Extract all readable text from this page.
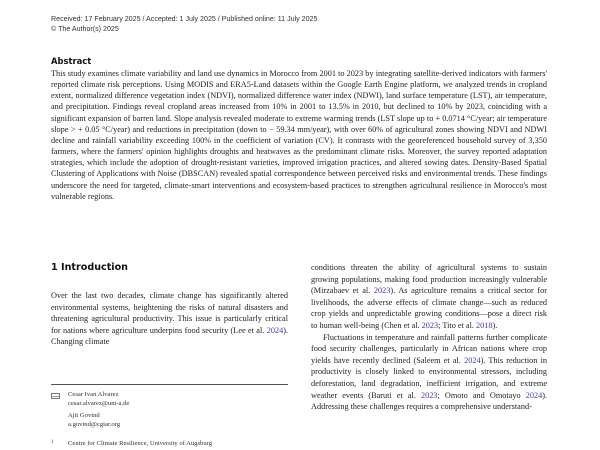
Received: 17 February 2025 / Accepted: 1 July 2025 / Published online: 11 July 2025
© The Author(s) 2025
Abstract
This study examines climate variability and land use dynamics in Morocco from 2001 to 2023 by integrating satellite-derived indicators with farmers' reported climate risk perceptions. Using MODIS and ERA5-Land datasets within the Google Earth Engine platform, we analyzed trends in cropland extent, normalized difference vegetation index (NDVI), normalized difference water index (NDWI), land surface temperature (LST), air temperature, and precipitation. Findings reveal cropland areas increased from 10% in 2001 to 13.5% in 2010, but declined to 10% by 2023, coinciding with a significant expansion of barren land. Slope analysis revealed moderate to extreme warming trends (LST slope up to + 0.0714 °C/year; air temperature slope > + 0.05 °C/year) and reductions in precipitation (down to − 59.34 mm/year), with over 60% of agricultural zones showing NDVI and NDWI decline and rainfall variability exceeding 100% in the coefficient of variation (CV). It contrasts with the georeferenced household survey of 3,350 farmers, where the farmers' opinion highlights droughts and heatwaves as the predominant climate risks. Moreover, the survey reported adaptation strategies, which include the adoption of drought-resistant varieties, improved irrigation practices, and altered sowing dates. Density-Based Spatial Clustering of Applications with Noise (DBSCAN) revealed spatial correspondence between perceived risks and environmental trends. These findings underscore the need for targeted, climate-smart interventions and ecosystem-based practices to strengthen agricultural resilience in Morocco's most vulnerable regions.
1 Introduction

Over the last two decades, climate change has significantly altered environmental systems, heightening the risks of natural disasters and threatening agricultural productivity. This issue is particularly critical for nations where agriculture underpins food security (Lee et al. 2024). Changing climate

conditions threaten the ability of agricultural systems to sustain growing populations, making food production increasingly vulnerable (Mirzabaev et al. 2023). As agriculture remains a critical sector for livelihoods, the adverse effects of climate change—such as reduced crop yields and unpredictable growing conditions—pose a direct risk to human well-being (Chen et al. 2023; Tito et al. 2018).

Fluctuations in temperature and rainfall patterns further complicate food security challenges, particularly in African nations where crop yields have recently declined (Saleem et al. 2024). This reduction in productivity is closely linked to environmental stressors, including deforestation, land degradation, inefficient irrigation, and extreme weather events (Baruti et al. 2023; Omoto and Omotayo 2024). Addressing these challenges requires a comprehensive understand-

Cesar Ivan Alvarez
cesar.alvarez@uni-a.de
Ajit Govind
a.govind@cgiar.org
1	Centre for Climate Resilience, University of Augsburg
